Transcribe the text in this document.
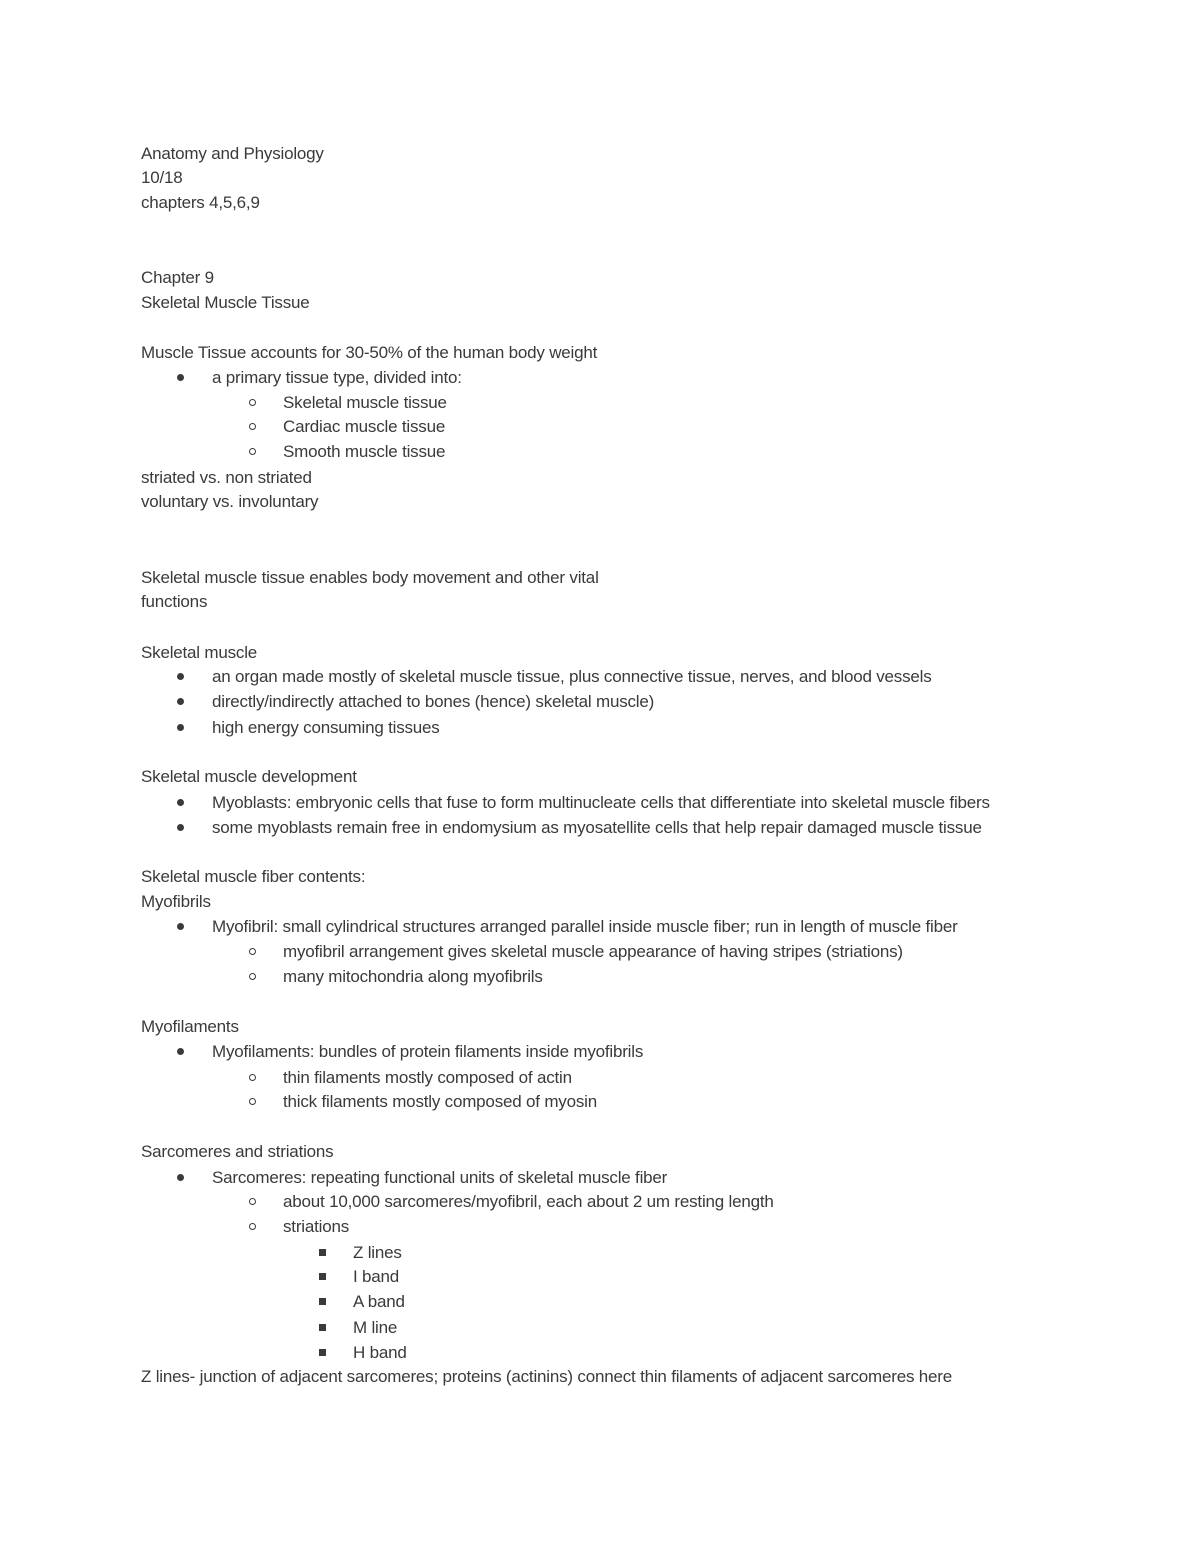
Anatomy and Physiology
10/18
chapters 4,5,6,9
Chapter 9
Skeletal Muscle Tissue
Muscle Tissue accounts for 30-50% of the human body weight
a primary tissue type, divided into:
Skeletal muscle tissue
Cardiac muscle tissue
Smooth muscle tissue
striated vs. non striated
voluntary vs. involuntary
Skeletal muscle tissue enables body movement and other vital
functions
Skeletal muscle
an organ made mostly of skeletal muscle tissue, plus connective tissue, nerves, and blood vessels
directly/indirectly attached to bones (hence) skeletal muscle)
high energy consuming tissues
Skeletal muscle development
Myoblasts: embryonic cells that fuse to form multinucleate cells that differentiate into skeletal muscle fibers
some myoblasts remain free in endomysium as myosatellite cells that help repair damaged muscle tissue
Skeletal muscle fiber contents:
Myofibrils
Myofibril: small cylindrical structures arranged parallel inside muscle fiber; run in length of muscle fiber
myofibril arrangement gives skeletal muscle appearance of having stripes (striations)
many mitochondria along myofibrils
Myofilaments
Myofilaments: bundles of protein filaments inside myofibrils
thin filaments mostly composed of actin
thick filaments mostly composed of myosin
Sarcomeres and striations
Sarcomeres: repeating functional units of skeletal muscle fiber
about 10,000 sarcomeres/myofibril, each about 2 um resting length
striations
Z lines
I band
A band
M line
H band
Z lines- junction of adjacent sarcomeres; proteins (actinins) connect thin filaments of adjacent sarcomeres here
